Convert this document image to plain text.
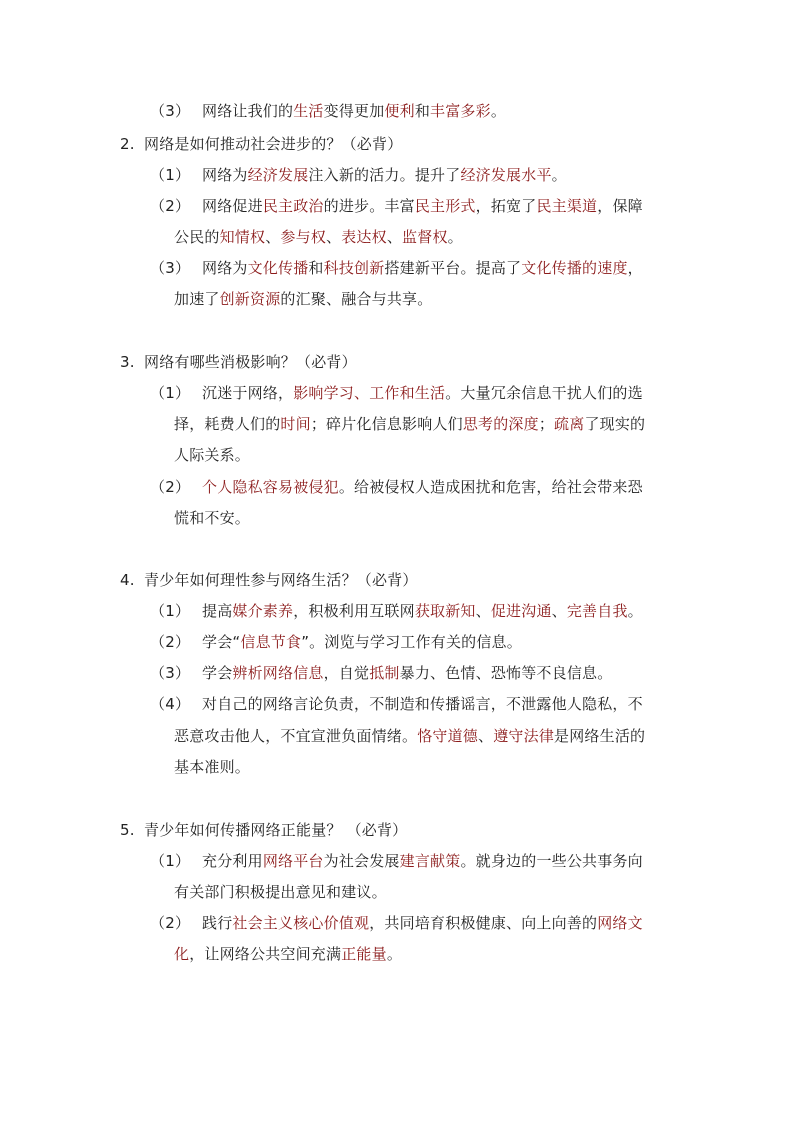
（3） 网络让我们的生活变得更加便利和丰富多彩。
2. 网络是如何推动社会进步的？（必背）
（1） 网络为经济发展注入新的活力。提升了经济发展水平。
（2） 网络促进民主政治的进步。丰富民主形式，拓宽了民主渠道，保障
公民的知情权、参与权、表达权、监督权。
（3） 网络为文化传播和科技创新搭建新平台。提高了文化传播的速度，
加速了创新资源的汇聚、融合与共享。
3. 网络有哪些消极影响？（必背）
（1） 沉迷于网络，影响学习、工作和生活。大量冗余信息干扰人们的选
择，耗费人们的时间；碎片化信息影响人们思考的深度；疏离了现实的
人际关系。
（2） 个人隐私容易被侵犯。给被侵权人造成困扰和危害，给社会带来恐
慌和不安。
4. 青少年如何理性参与网络生活？（必背）
（1） 提高媒介素养，积极利用互联网获取新知、促进沟通、完善自我。
（2） 学会“信息节食”。浏览与学习工作有关的信息。
（3） 学会辨析网络信息，自觉抵制暴力、色情、恐怖等不良信息。
（4） 对自己的网络言论负责，不制造和传播谣言，不泄露他人隐私，不
恶意攻击他人，不宜宣泄负面情绪。恪守道德、遵守法律是网络生活的
基本准则。
5. 青少年如何传播网络正能量？ （必背）
（1） 充分利用网络平台为社会发展建言献策。就身边的一些公共事务向
有关部门积极提出意见和建议。
（2） 践行社会主义核心价值观，共同培育积极健康、向上向善的网络文
化，让网络公共空间充满正能量。
